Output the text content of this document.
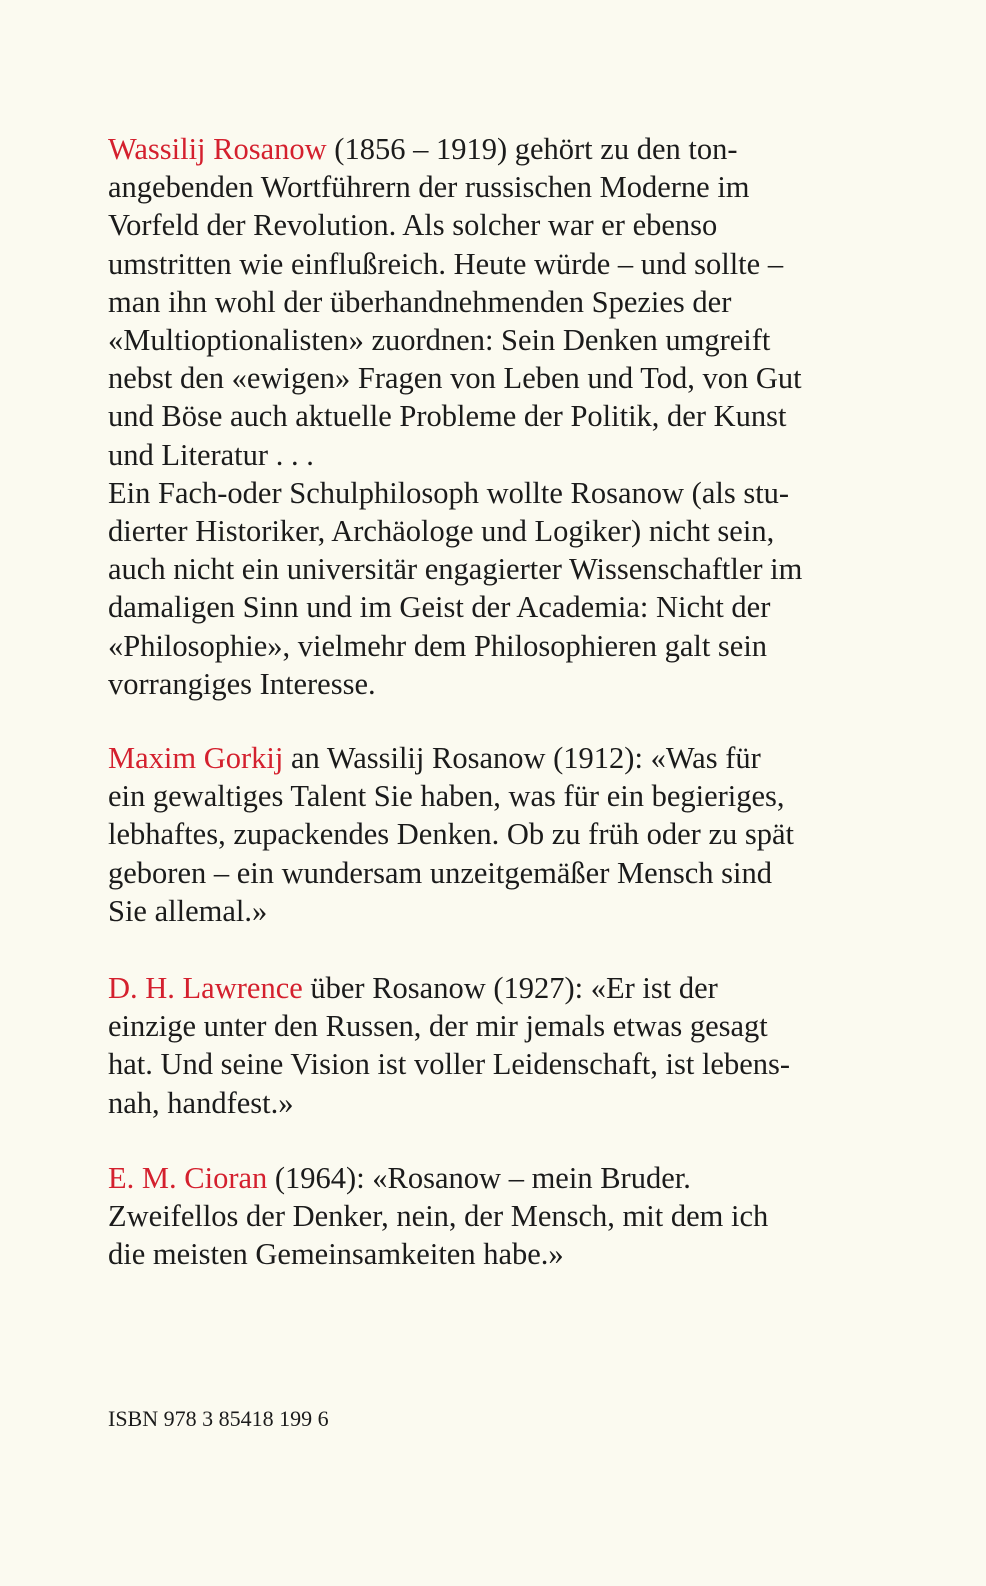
Wassilij Rosanow (1856 – 1919) gehört zu den ton-
angebenden Wortführern der russischen Moderne im
Vorfeld der Revolution. Als solcher war er ebenso
umstritten wie einflußreich. Heute würde – und sollte –
man ihn wohl der überhandnehmenden Spezies der
«Multioptionalisten» zuordnen: Sein Denken umgreift
nebst den «ewigen» Fragen von Leben und Tod, von Gut
und Böse auch aktuelle Probleme der Politik, der Kunst
und Literatur . . .
Ein Fach-oder Schulphilosoph wollte Rosanow (als stu-
dierter Historiker, Archäologe und Logiker) nicht sein,
auch nicht ein universitär engagierter Wissenschaftler im
damaligen Sinn und im Geist der Academia: Nicht der
«Philosophie», vielmehr dem Philosophieren galt sein
vorrangiges Interesse.
Maxim Gorkij an Wassilij Rosanow (1912): «Was für
ein gewaltiges Talent Sie haben, was für ein begieriges,
lebhaftes, zupackendes Denken. Ob zu früh oder zu spät
geboren – ein wundersam unzeitgemäßer Mensch sind
Sie allemal.»
D. H. Lawrence über Rosanow (1927): «Er ist der
einzige unter den Russen, der mir jemals etwas gesagt
hat. Und seine Vision ist voller Leidenschaft, ist lebens-
nah, handfest.»
E. M. Cioran (1964): «Rosanow – mein Bruder.
Zweifellos der Denker, nein, der Mensch, mit dem ich
die meisten Gemeinsamkeiten habe.»
ISBN 978 3 85418 199 6
